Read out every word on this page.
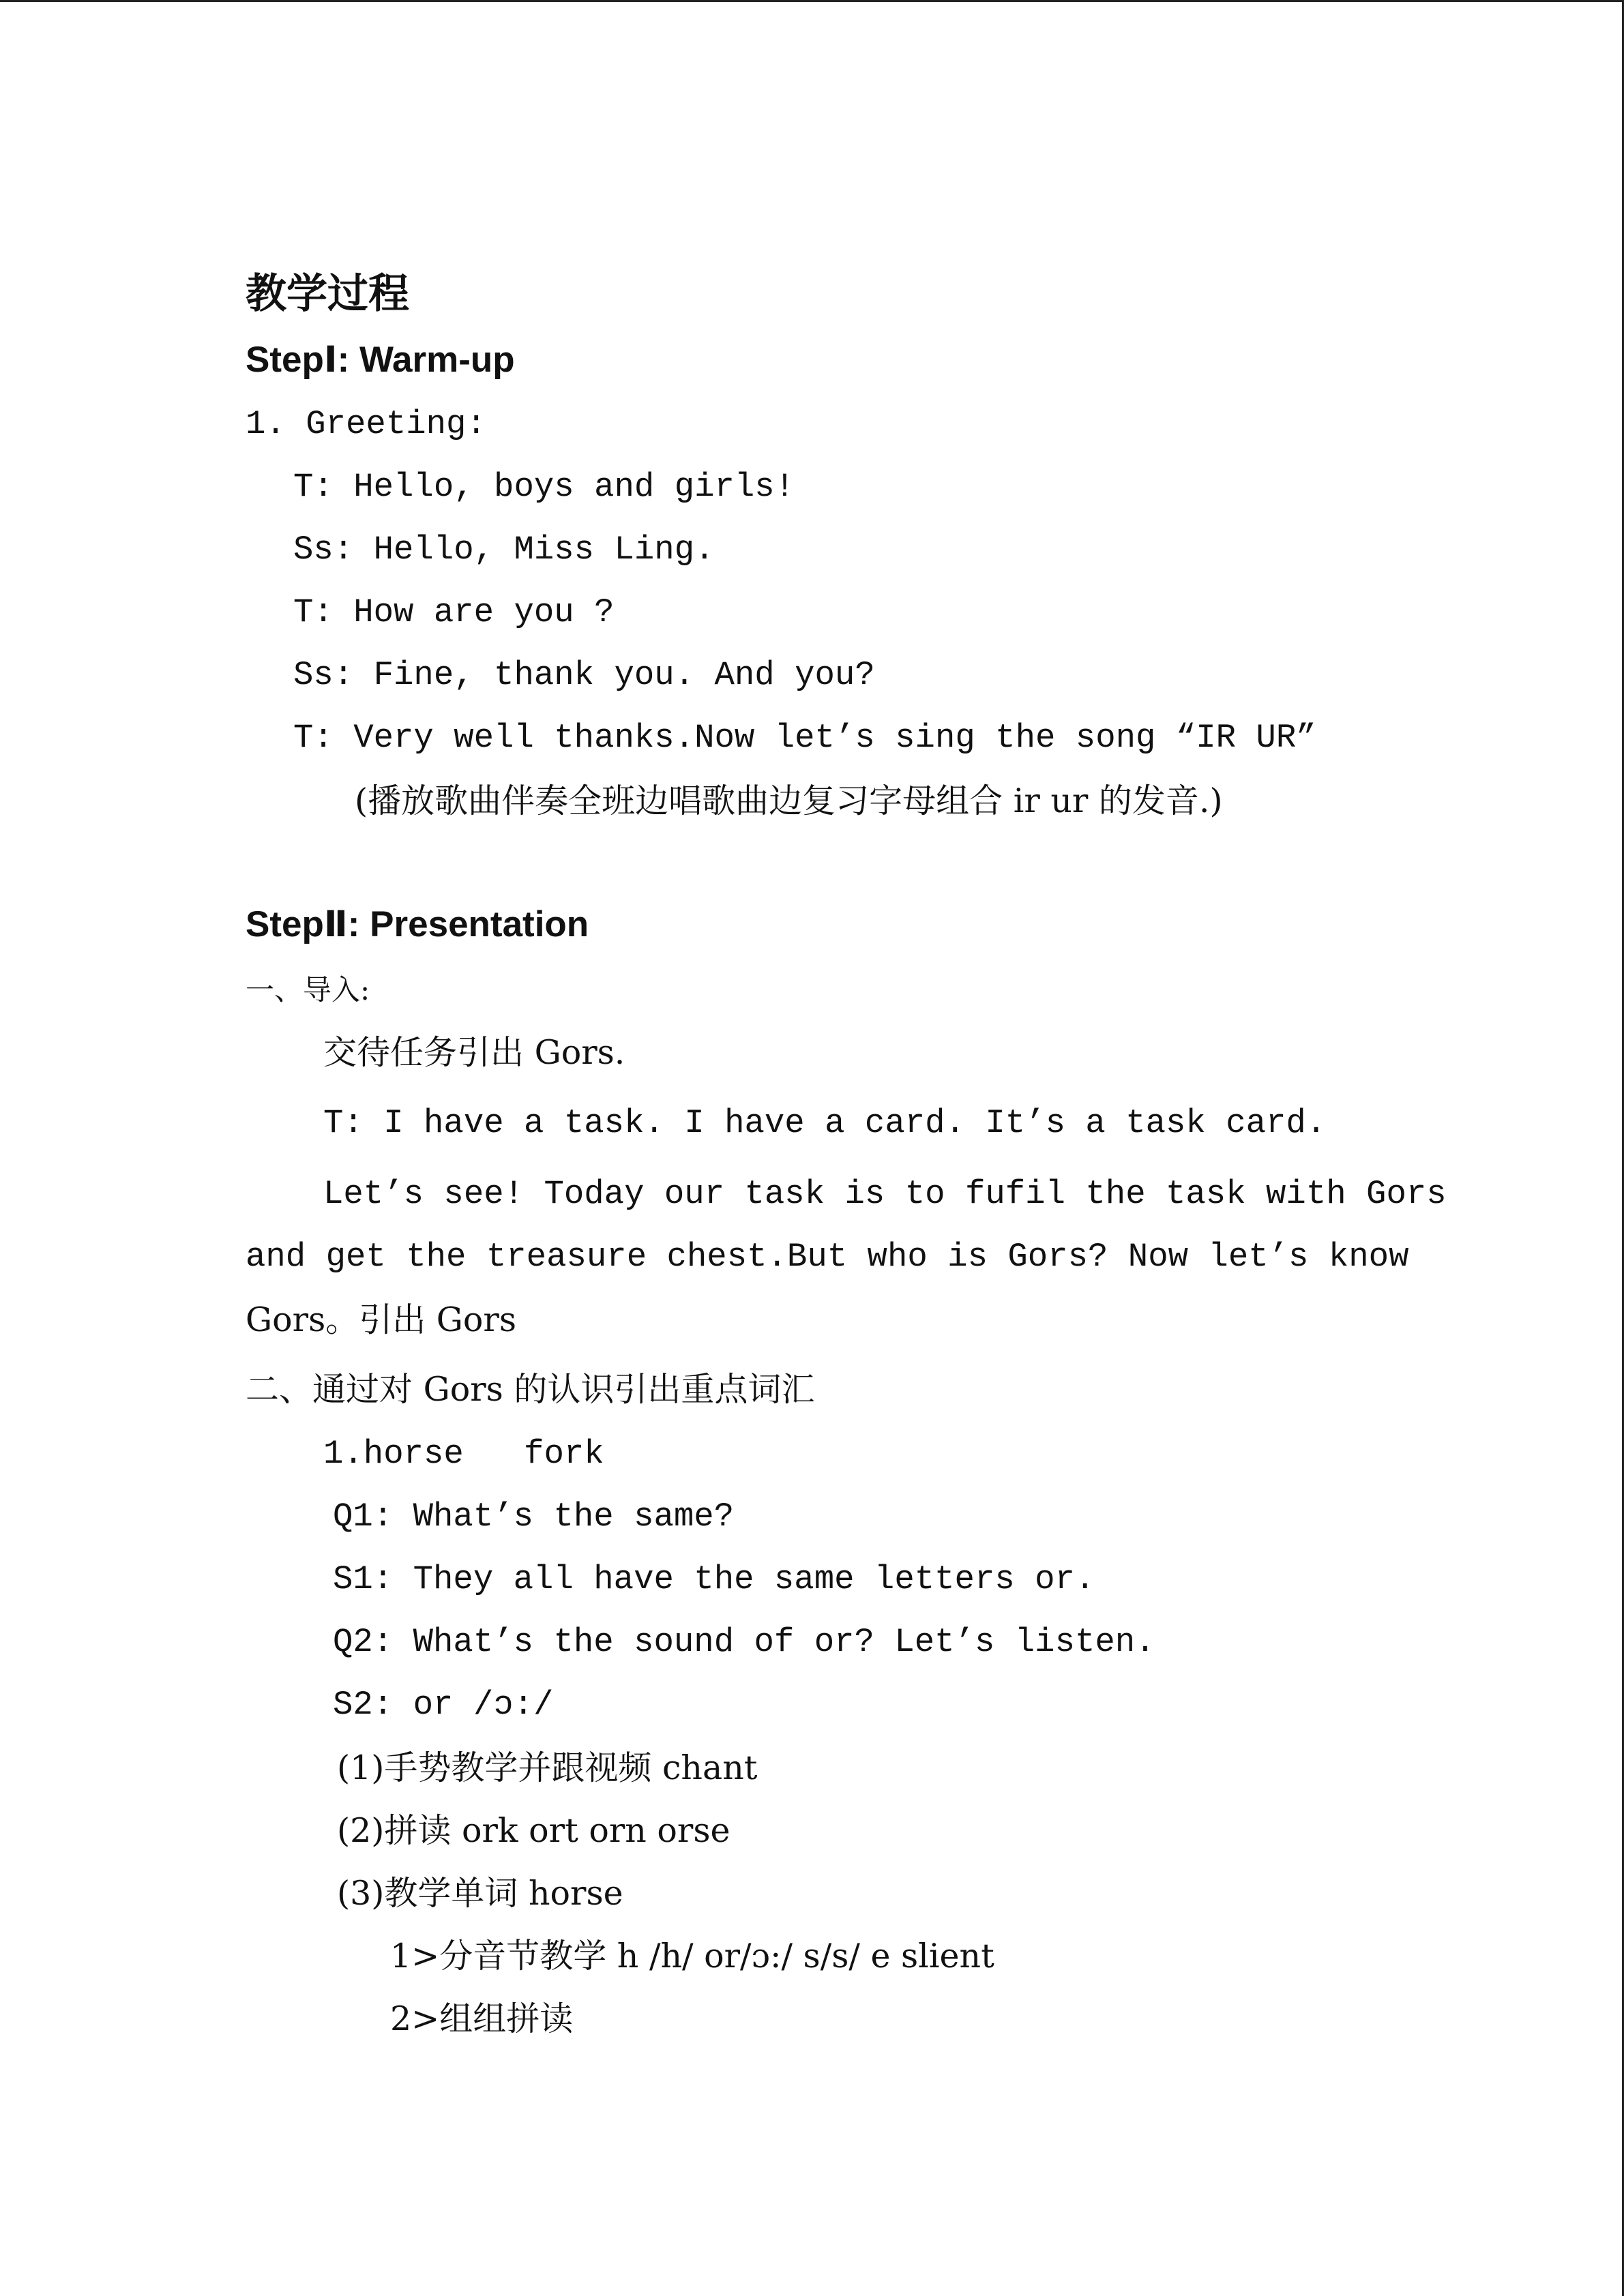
教学过程
StepⅠ: Warm-up
1. Greeting:
T: Hello, boys and girls!
Ss: Hello, Miss Ling.
T: How are you ?
Ss: Fine, thank you. And you?
T: Very well thanks.Now let’s sing the song “IR UR”
(播放歌曲伴奏全班边唱歌曲边复习字母组合 ir ur 的发音.)
StepⅡ: Presentation
一、导入:
交待任务引出 Gors.
T: I have a task. I have a card. It’s a task card.
Let’s see! Today our task is to fufil the task with Gors
and get the treasure chest.But who is Gors? Now let’s know
Gors。引出 Gors
二、通过对 Gors 的认识引出重点词汇
1.horse   fork
Q1: What’s the same?
S1: They all have the same letters or.
Q2: What’s the sound of or? Let’s listen.
S2: or /ɔ:/
(1)手势教学并跟视频 chant
(2)拼读 ork ort orn orse
(3)教学单词 horse
1>分音节教学 h /h/ or/ɔ:/ s/s/ e slient
2>组组拼读
